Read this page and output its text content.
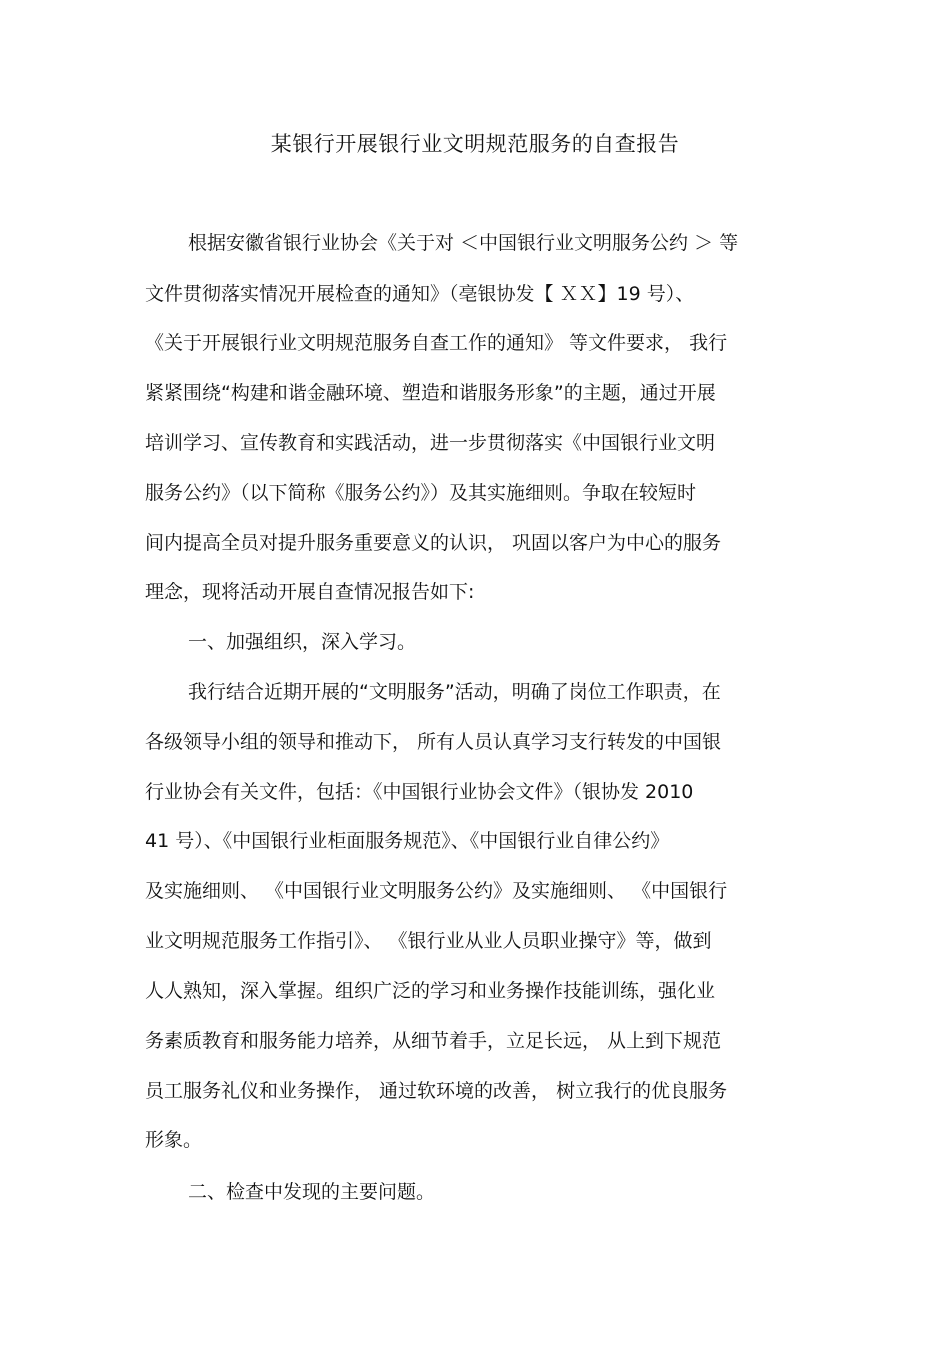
某银行开展银行业文明规范服务的自查报告
根据安徽省银行业协会《关于对 ＜中国银行业文明服务公约 ＞ 等
文件贯彻落实情况开展检查的通知》（亳银协发【 ＸＸ】19 号）、
《关于开展银行业文明规范服务自查工作的通知》 等文件要求， 我行
紧紧围绕“构建和谐金融环境、塑造和谐服务形象”的主题，通过开展
培训学习、宣传教育和实践活动，进一步贯彻落实《中国银行业文明
服务公约》（以下简称《服务公约》）及其实施细则。争取在较短时
间内提高全员对提升服务重要意义的认识， 巩固以客户为中心的服务
理念，现将活动开展自查情况报告如下:
一、加强组织，深入学习。
我行结合近期开展的“文明服务”活动，明确了岗位工作职责，在
各级领导小组的领导和推动下， 所有人员认真学习支行转发的中国银
行业协会有关文件，包括：《中国银行业协会文件》（银协发 2010
41 号）、《中国银行业柜面服务规范》、《中国银行业自律公约》
及实施细则、 《中国银行业文明服务公约》及实施细则、 《中国银行
业文明规范服务工作指引》、 《银行业从业人员职业操守》等，做到
人人熟知，深入掌握。组织广泛的学习和业务操作技能训练，强化业
务素质教育和服务能力培养，从细节着手，立足长远， 从上到下规范
员工服务礼仪和业务操作， 通过软环境的改善， 树立我行的优良服务
形象。
二、检查中发现的主要问题。
